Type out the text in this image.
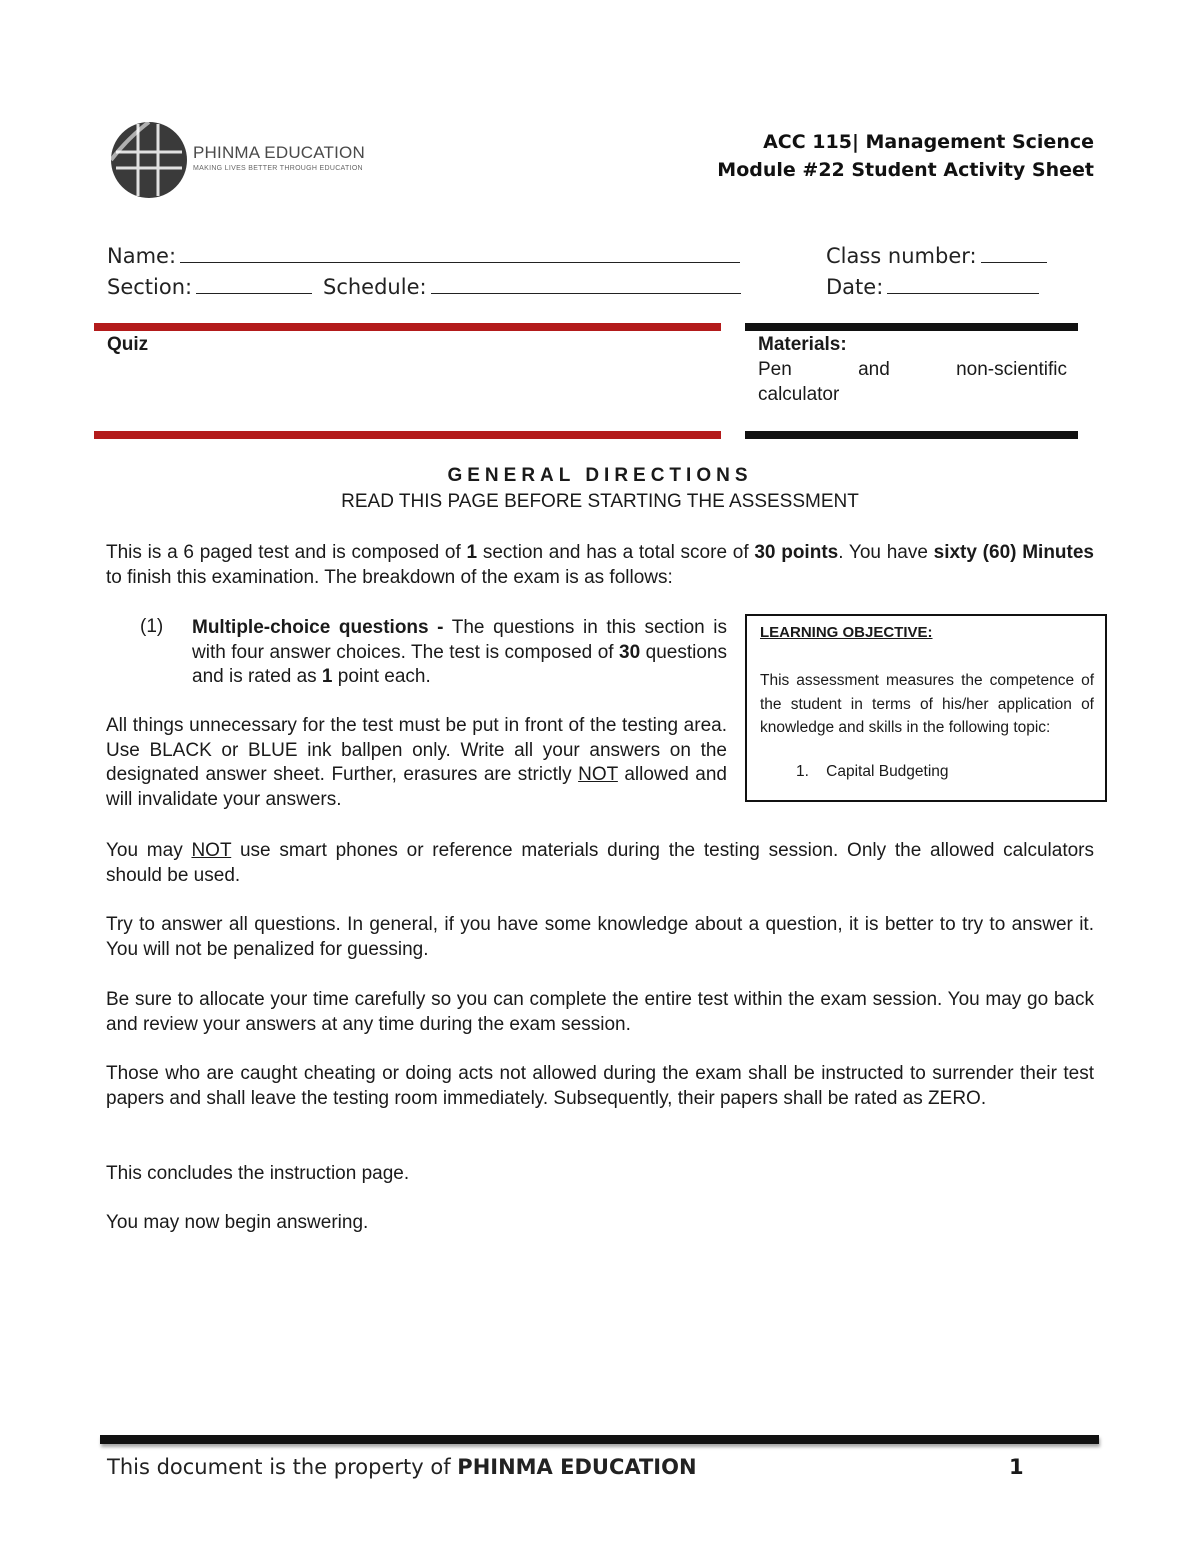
PHINMA EDUCATION
MAKING LIVES BETTER THROUGH EDUCATION
ACC 115| Management Science
Module #22 Student Activity Sheet
Name:
Section:	Schedule:
Class number:
Date:
Quiz	Materials:
Pen	and	non-scientific
calculator
GENERAL DIRECTIONS
READ THIS PAGE BEFORE STARTING THE ASSESSMENT
This is a 6 paged test and is composed of 1 section and has a total score of 30 points. You have sixty (60) Minutes to finish this examination. The breakdown of the exam is as follows:
(1) Multiple-choice questions - The questions in this section is with four answer choices. The test is composed of 30 questions and is rated as 1 point each.
All things unnecessary for the test must be put in front of the testing area. Use BLACK or BLUE ink ballpen only. Write all your answers on the designated answer sheet. Further, erasures are strictly NOT allowed and will invalidate your answers.
LEARNING OBJECTIVE:
This assessment measures the competence of the student in terms of his/her application of knowledge and skills in the following topic:
1. Capital Budgeting
You may NOT use smart phones or reference materials during the testing session. Only the allowed calculators should be used.
Try to answer all questions. In general, if you have some knowledge about a question, it is better to try to answer it. You will not be penalized for guessing.
Be sure to allocate your time carefully so you can complete the entire test within the exam session. You may go back and review your answers at any time during the exam session.
Those who are caught cheating or doing acts not allowed during the exam shall be instructed to surrender their test papers and shall leave the testing room immediately. Subsequently, their papers shall be rated as ZERO.
This concludes the instruction page.
You may now begin answering.
This document is the property of PHINMA EDUCATION	1
